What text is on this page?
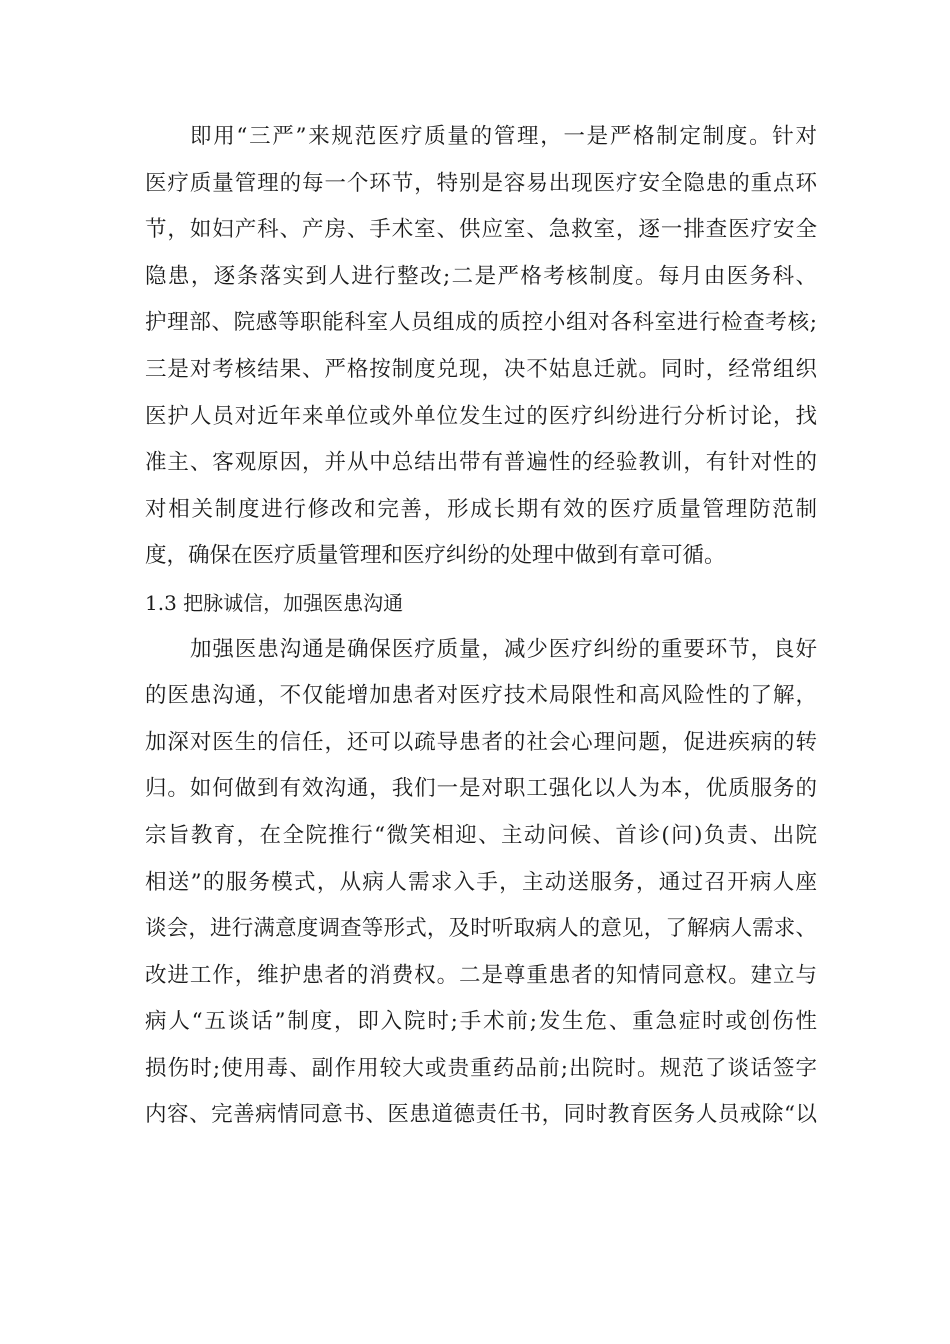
即用“三严”来规范医疗质量的管理，一是严格制定制度。针对
医疗质量管理的每一个环节，特别是容易出现医疗安全隐患的重点环
节，如妇产科、产房、手术室、供应室、急救室，逐一排查医疗安全
隐患，逐条落实到人进行整改;二是严格考核制度。每月由医务科、
护理部、院感等职能科室人员组成的质控小组对各科室进行检查考核;
三是对考核结果、严格按制度兑现，决不姑息迁就。同时，经常组织
医护人员对近年来单位或外单位发生过的医疗纠纷进行分析讨论，找
准主、客观原因，并从中总结出带有普遍性的经验教训，有针对性的
对相关制度进行修改和完善，形成长期有效的医疗质量管理防范制
度，确保在医疗质量管理和医疗纠纷的处理中做到有章可循。
1.3 把脉诚信，加强医患沟通
加强医患沟通是确保医疗质量，减少医疗纠纷的重要环节，良好
的医患沟通，不仅能增加患者对医疗技术局限性和高风险性的了解，
加深对医生的信任，还可以疏导患者的社会心理问题，促进疾病的转
归。如何做到有效沟通，我们一是对职工强化以人为本，优质服务的
宗旨教育，在全院推行“微笑相迎、主动问候、首诊(问)负责、出院
相送”的服务模式，从病人需求入手，主动送服务，通过召开病人座
谈会，进行满意度调查等形式，及时听取病人的意见，了解病人需求、
改进工作，维护患者的消费权。二是尊重患者的知情同意权。建立与
病人“五谈话”制度，即入院时;手术前;发生危、重急症时或创伤性
损伤时;使用毒、副作用较大或贵重药品前;出院时。规范了谈话签字
内容、完善病情同意书、医患道德责任书，同时教育医务人员戒除“以
